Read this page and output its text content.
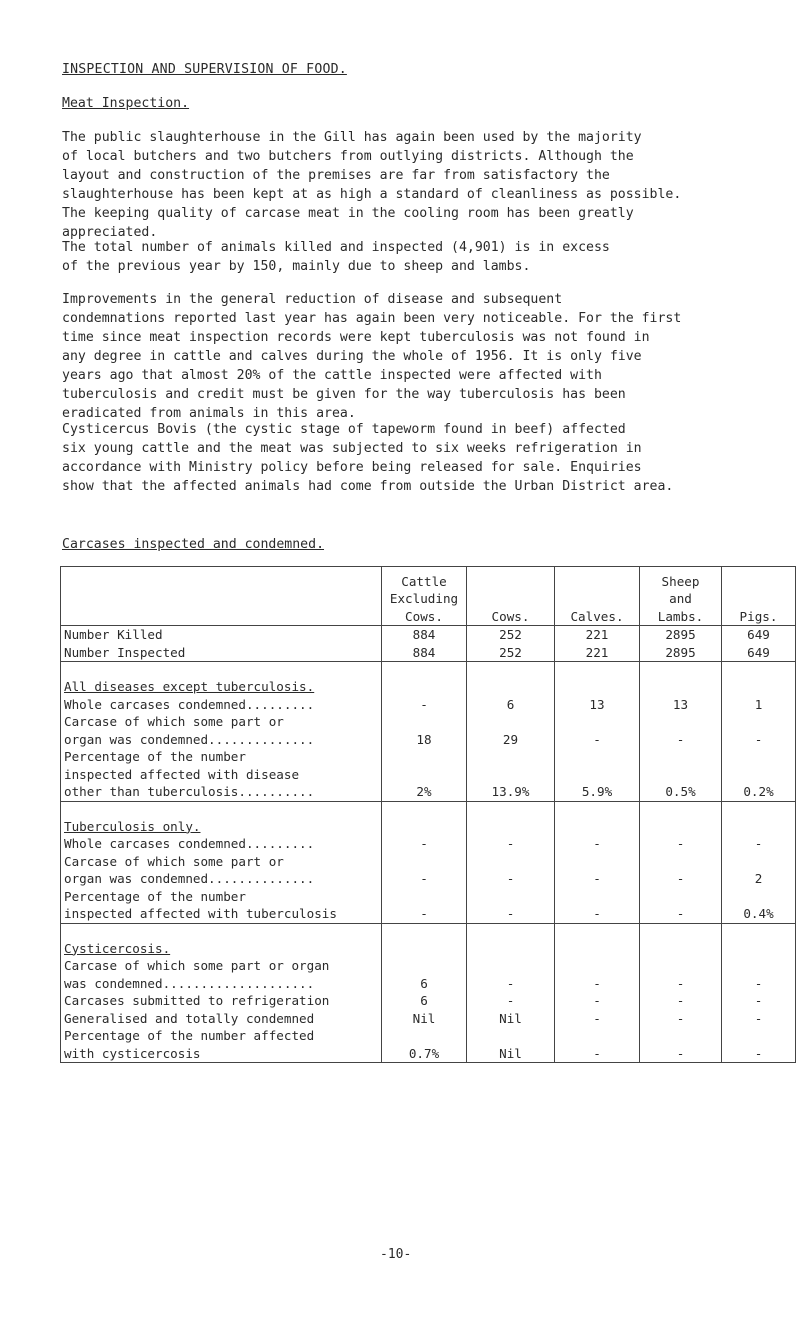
INSPECTION AND SUPERVISION OF FOOD.
Meat Inspection.

The public slaughterhouse in the Gill has again been used by the majority
of local butchers and two butchers from outlying districts. Although the
layout and construction of the premises are far from satisfactory the
slaughterhouse has been kept at as high a standard of cleanliness as possible.
The keeping quality of carcase meat in the cooling room has been greatly
appreciated.

The total number of animals killed and inspected (4,901) is in excess
of the previous year by 150, mainly due to sheep and lambs.

Improvements in the general reduction of disease and subsequent
condemnations reported last year has again been very noticeable. For the first
time since meat inspection records were kept tuberculosis was not found in
any degree in cattle and calves during the whole of 1956. It is only five
years ago that almost 20% of the cattle inspected were affected with
tuberculosis and credit must be given for the way tuberculosis has been
eradicated from animals in this area.

Cysticercus Bovis (the cystic stage of tapeworm found in beef) affected
six young cattle and the meat was subjected to six weeks refrigeration in
accordance with Ministry policy before being released for sale. Enquiries
show that the affected animals had come from outside the Urban District area.

Carcases inspected and condemned.
	Cattle
Excluding
Cows.	Cows.	Calves.	Sheep
and
Lambs.	Pigs.
Number Killed	884	252	221	2895	649
Number Inspected	884	252	221	2895	649
All diseases except tuberculosis.					
Whole carcases condemned.........	-	6	13	13	1
Carcase of which some part or
organ was condemned..............	18	29	-	-	-
Percentage of the number
inspected affected with disease
other than tuberculosis..........	2%	13.9%	5.9%	0.5%	0.2%
Tuberculosis only.					
Whole carcases condemned.........	-	-	-	-	-
Carcase of which some part or
organ was condemned..............	-	-	-	-	2
Percentage of the number
inspected affected with tuberculosis	-	-	-	-	0.4%
Cysticercosis.					
Carcase of which some part or organ
was condemned....................	6	-	-	-	-
Carcases submitted to refrigeration	6	-	-	-	-
Generalised and totally condemned	Nil	Nil	-	-	-
Percentage of the number affected
with cysticercosis	0.7%	Nil	-	-	-
-10-
